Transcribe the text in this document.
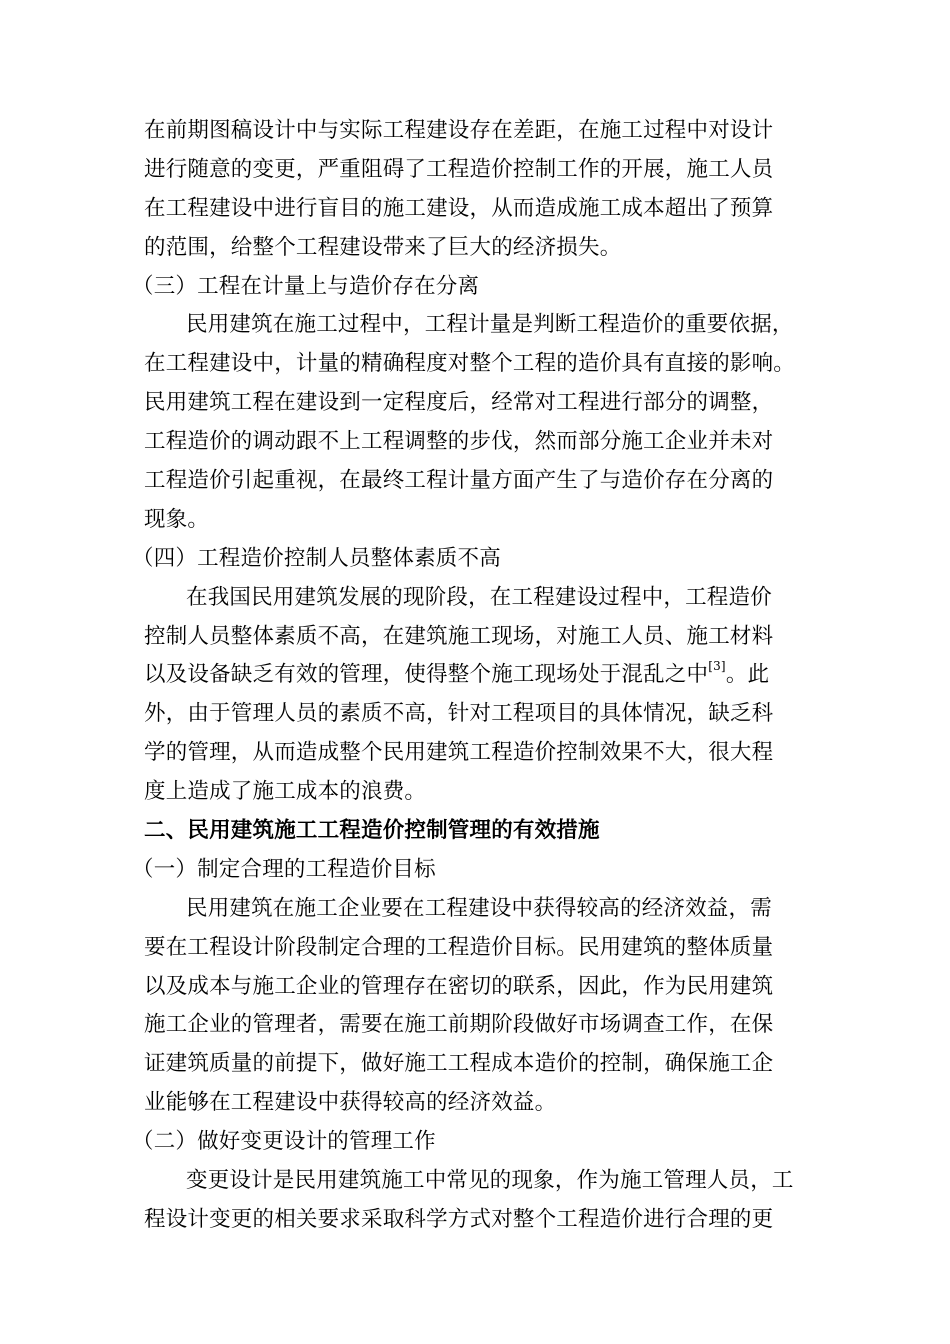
在前期图稿设计中与实际工程建设存在差距，在施工过程中对设计
进行随意的变更，严重阻碍了工程造价控制工作的开展，施工人员
在工程建设中进行盲目的施工建设，从而造成施工成本超出了预算
的范围，给整个工程建设带来了巨大的经济损失。
（三）工程在计量上与造价存在分离
民用建筑在施工过程中，工程计量是判断工程造价的重要依据，
在工程建设中，计量的精确程度对整个工程的造价具有直接的影响。
民用建筑工程在建设到一定程度后，经常对工程进行部分的调整，
工程造价的调动跟不上工程调整的步伐，然而部分施工企业并未对
工程造价引起重视，在最终工程计量方面产生了与造价存在分离的
现象。
（四）工程造价控制人员整体素质不高
在我国民用建筑发展的现阶段，在工程建设过程中，工程造价
控制人员整体素质不高，在建筑施工现场，对施工人员、施工材料
以及设备缺乏有效的管理，使得整个施工现场处于混乱之中[3]。此
外，由于管理人员的素质不高，针对工程项目的具体情况，缺乏科
学的管理，从而造成整个民用建筑工程造价控制效果不大，很大程
度上造成了施工成本的浪费。
二、民用建筑施工工程造价控制管理的有效措施
（一）制定合理的工程造价目标
民用建筑在施工企业要在工程建设中获得较高的经济效益，需
要在工程设计阶段制定合理的工程造价目标。民用建筑的整体质量
以及成本与施工企业的管理存在密切的联系，因此，作为民用建筑
施工企业的管理者，需要在施工前期阶段做好市场调查工作，在保
证建筑质量的前提下，做好施工工程成本造价的控制，确保施工企
业能够在工程建设中获得较高的经济效益。
（二）做好变更设计的管理工作
变更设计是民用建筑施工中常见的现象，作为施工管理人员，工
程设计变更的相关要求采取科学方式对整个工程造价进行合理的更
